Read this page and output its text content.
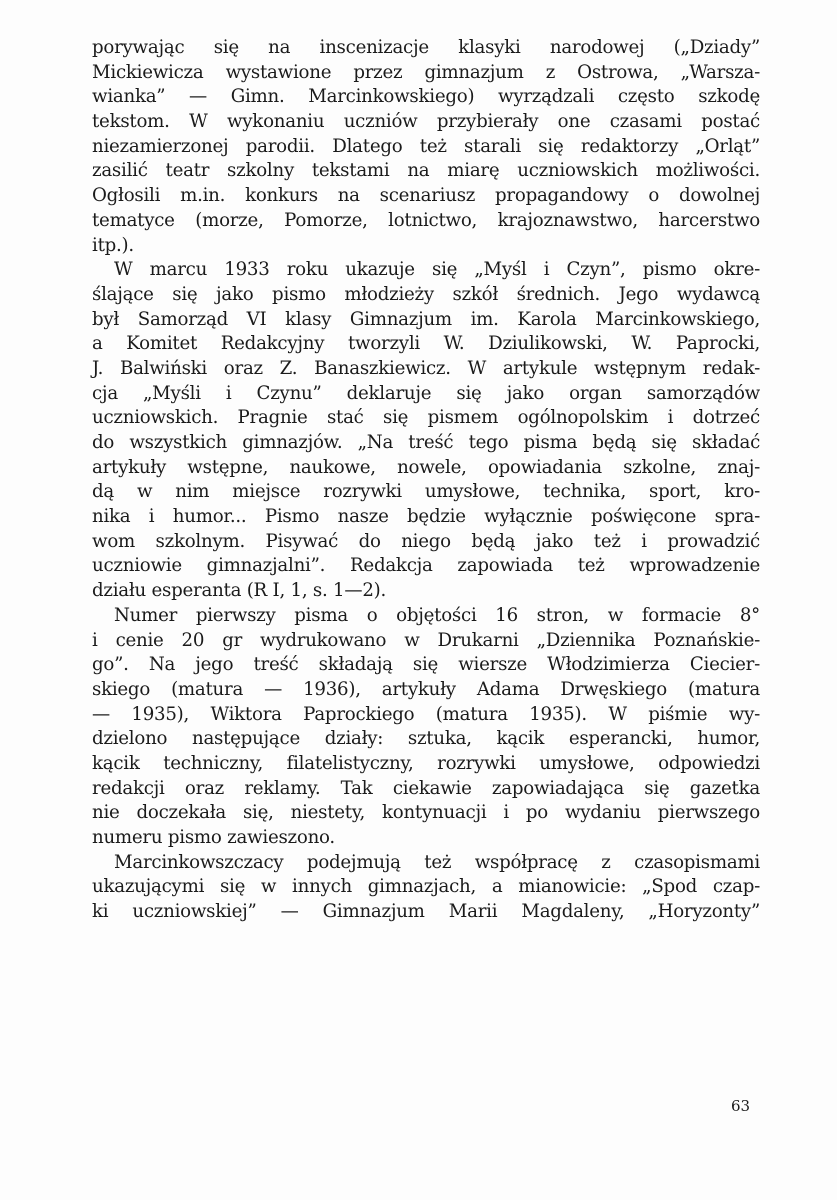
porywając się na inscenizacje klasyki narodowej („Dziady”
Mickiewicza wystawione przez gimnazjum z Ostrowa, „Warsza-
wianka” — Gimn. Marcinkowskiego) wyrządzali często szkodę
tekstom. W wykonaniu uczniów przybierały one czasami postać
niezamierzonej parodii. Dlatego też starali się redaktorzy „Orląt”
zasilić teatr szkolny tekstami na miarę uczniowskich możliwości.
Ogłosili m.in. konkurs na scenariusz propagandowy o dowolnej
tematyce (morze, Pomorze, lotnictwo, krajoznawstwo, harcerstwo
itp.).
W marcu 1933 roku ukazuje się „Myśl i Czyn”, pismo okre-
ślające się jako pismo młodzieży szkół średnich. Jego wydawcą
był Samorząd VI klasy Gimnazjum im. Karola Marcinkowskiego,
a Komitet Redakcyjny tworzyli W. Dziulikowski, W. Paprocki,
J. Balwiński oraz Z. Banaszkiewicz. W artykule wstępnym redak-
cja „Myśli i Czynu” deklaruje się jako organ samorządów
uczniowskich. Pragnie stać się pismem ogólnopolskim i dotrzeć
do wszystkich gimnazjów. „Na treść tego pisma będą się składać
artykuły wstępne, naukowe, nowele, opowiadania szkolne, znaj-
dą w nim miejsce rozrywki umysłowe, technika, sport, kro-
nika i humor... Pismo nasze będzie wyłącznie poświęcone spra-
wom szkolnym. Pisywać do niego będą jako też i prowadzić
uczniowie gimnazjalni”. Redakcja zapowiada też wprowadzenie
działu esperanta (R I, 1, s. 1—2).
Numer pierwszy pisma o objętości 16 stron, w formacie 8°
i cenie 20 gr wydrukowano w Drukarni „Dziennika Poznańskie-
go”. Na jego treść składają się wiersze Włodzimierza Ciecier-
skiego (matura — 1936), artykuły Adama Drwęskiego (matura
— 1935), Wiktora Paprockiego (matura 1935). W piśmie wy-
dzielono następujące działy: sztuka, kącik esperancki, humor,
kącik techniczny, filatelistyczny, rozrywki umysłowe, odpowiedzi
redakcji oraz reklamy. Tak ciekawie zapowiadająca się gazetka
nie doczekała się, niestety, kontynuacji i po wydaniu pierwszego
numeru pismo zawieszono.
Marcinkowszczacy podejmują też współpracę z czasopismami
ukazującymi się w innych gimnazjach, a mianowicie: „Spod czap-
ki uczniowskiej” — Gimnazjum Marii Magdaleny, „Horyzonty”
63
